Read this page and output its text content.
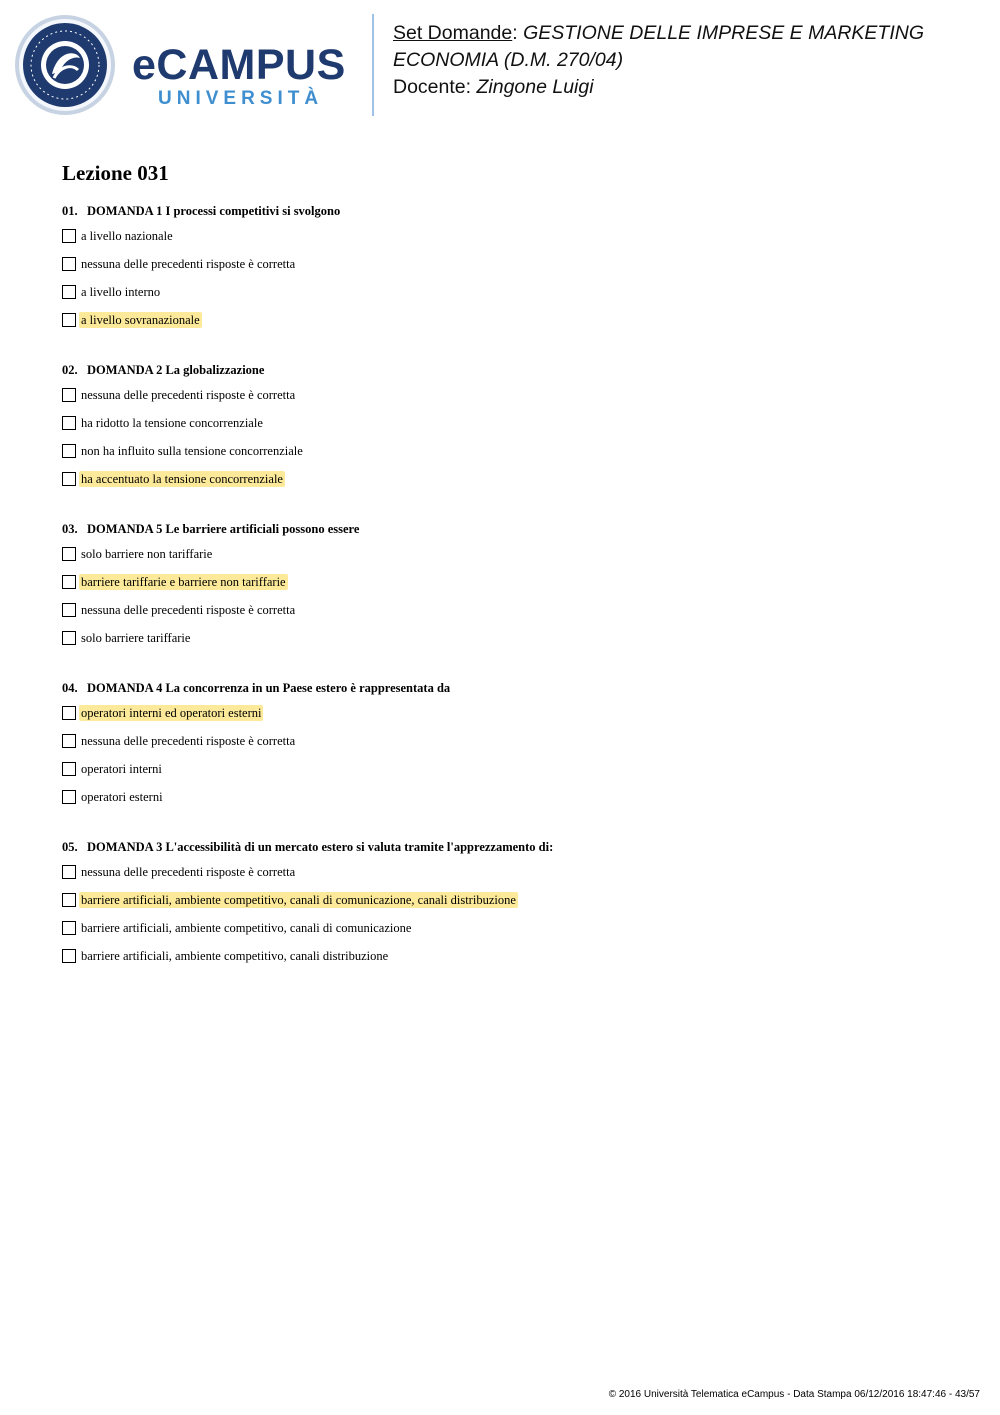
eCAMPUS
UNIVERSITÀ
Set Domande: GESTIONE DELLE IMPRESE E MARKETING
ECONOMIA (D.M. 270/04)
Docente: Zingone Luigi
Lezione 031
01. DOMANDA 1 I processi competitivi si svolgono
a livello nazionale
nessuna delle precedenti risposte è corretta
a livello interno
a livello sovranazionale
02. DOMANDA 2 La globalizzazione
nessuna delle precedenti risposte è corretta
ha ridotto la tensione concorrenziale
non ha influito sulla tensione concorrenziale
ha accentuato la tensione concorrenziale
03. DOMANDA 5 Le barriere artificiali possono essere
solo barriere non tariffarie
barriere tariffarie e barriere non tariffarie
nessuna delle precedenti risposte è corretta
solo barriere tariffarie
04. DOMANDA 4 La concorrenza in un Paese estero è rappresentata da
operatori interni ed operatori esterni
nessuna delle precedenti risposte è corretta
operatori interni
operatori esterni
05. DOMANDA 3 L'accessibilità di un mercato estero si valuta tramite l'apprezzamento di:
nessuna delle precedenti risposte è corretta
barriere artificiali, ambiente competitivo, canali di comunicazione, canali distribuzione
barriere artificiali, ambiente competitivo, canali di comunicazione
barriere artificiali, ambiente competitivo, canali distribuzione
© 2016 Università Telematica eCampus - Data Stampa 06/12/2016 18:47:46 - 43/57
